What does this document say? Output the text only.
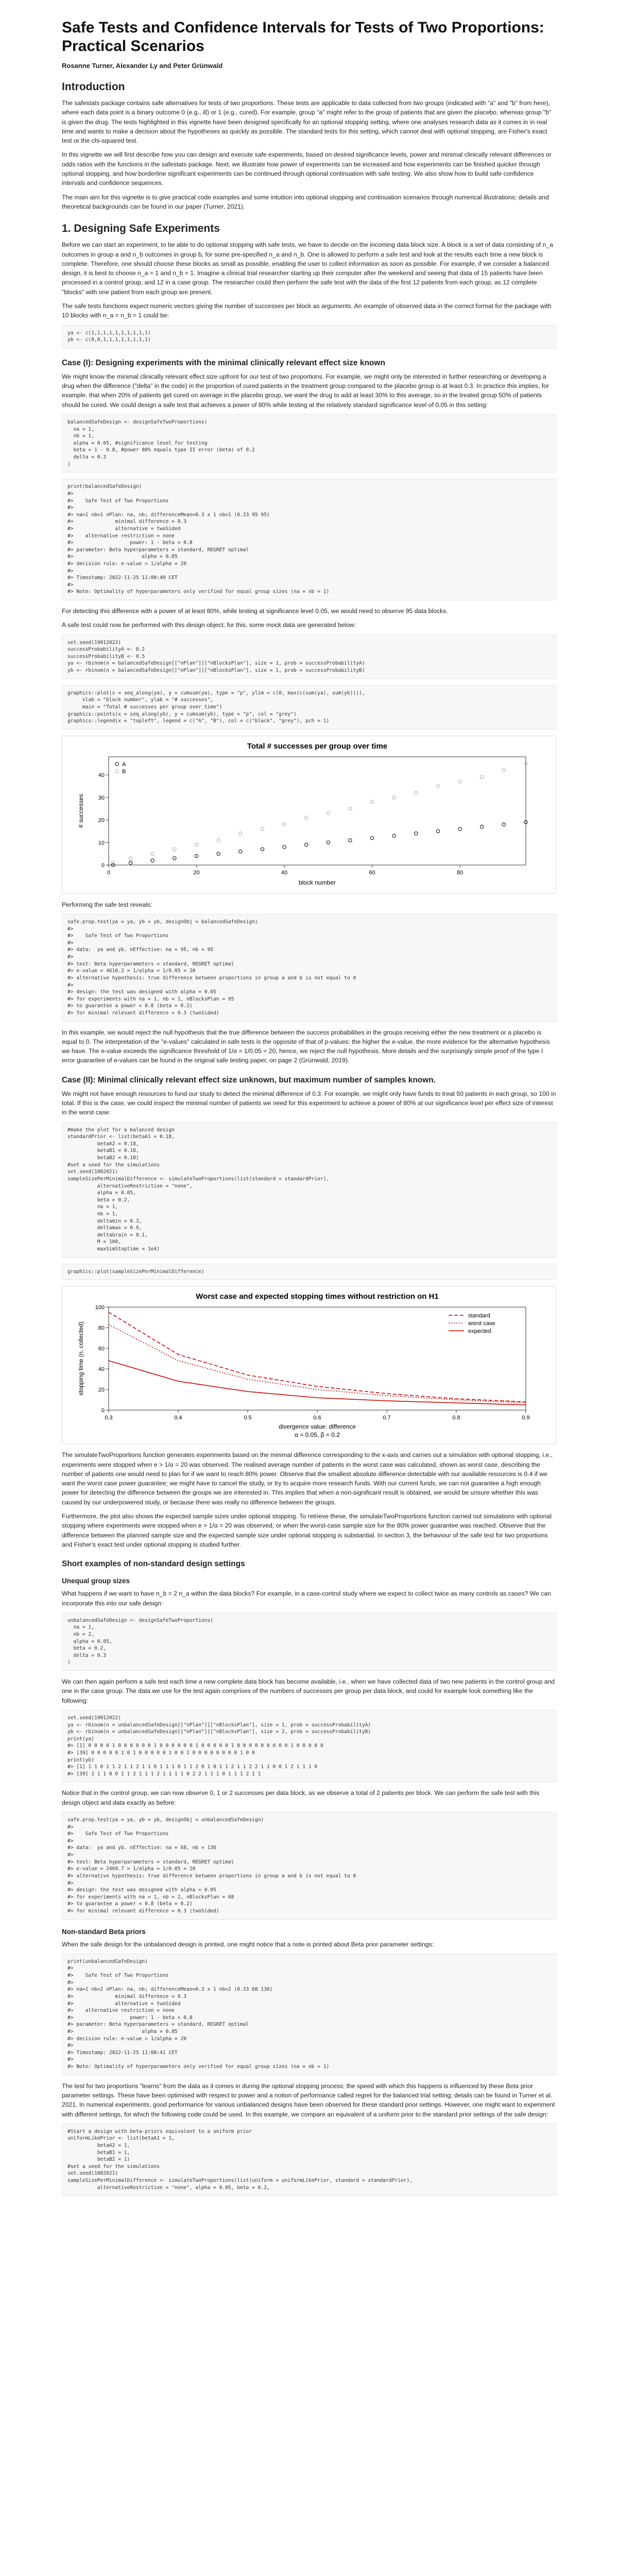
Safe Tests and Confidence Intervals for Tests of Two Proportions: Practical Scenarios
Rosanne Turner, Alexander Ly and Peter Grünwald
Introduction

The safestats package contains safe alternatives for tests of two proportions. These tests are applicable to data collected from two groups (indicated with "a" and "b" from here), where each data point is a binary outcome 0 (e.g., ill) or 1 (e.g., cured). For example, group "a" might refer to the group of patients that are given the placebo, whereas group "b" is given the drug. The tests highlighted in this vignette have been designed specifically for an optional stopping setting, where one analyses research data as it comes in in real time and wants to make a decision about the hypotheses as quickly as possible. The standard tests for this setting, which cannot deal with optional stopping, are Fisher's exact test or the chi-squared test.

In this vignette we will first describe how you can design and execute safe experiments, based on desired significance levels, power and minimal clinically relevant differences or odds ratios with the functions in the safestats package. Next, we illustrate how power of experiments can be increased and how experiments can be finished quicker through optional stopping, and how borderline significant experiments can be continued through optional continuation with safe testing. We also show how to build safe confidence intervals and confidence sequences.

The main aim for this vignette is to give practical code examples and some intuition into optional stopping and continuation scenarios through numerical illustrations; details and theoretical backgrounds can be found in our paper (Turner, 2021).

1. Designing Safe Experiments

Before we can start an experiment, to be able to do optional stopping with safe tests, we have to decide on the incoming data block size. A block is a set of data consisting of n_a outcomes in group a and n_b outcomes in group b, for some pre-specified n_a and n_b. One is allowed to perform a safe test and look at the results each time a new block is complete. Therefore, one should choose these blocks as small as possible, enabling the user to collect information as soon as possible. For example, if we consider a balanced design, it is best to choose n_a = 1 and n_b = 1. Imagine a clinical trial researcher starting up their computer after the weekend and seeing that data of 15 patients have been processed in a control group, and 12 in a case group. The researcher could then perform the safe test with the data of the first 12 patients from each group, as 12 complete "blocks" with one patient from each group are present.

The safe tests functions expect numeric vectors giving the number of successes per block as arguments. An example of observed data in the correct format for the package with 10 blocks with n_a = n_b = 1 could be:

ya <- c(1,1,1,1,1,1,1,1,1,1)
yb <- c(0,0,1,1,1,1,1,1,1,1)
Case (I): Designing experiments with the minimal clinically relevant effect size known

We might know the minimal clinically relevant effect size upfront for our test of two proportions. For example, we might only be interested in further researching or developing a drug when the difference ("delta" in the code) in the proportion of cured patients in the treatment group compared to the placebo group is at least 0.3. In practice this implies, for example, that when 20% of patients get cured on average in the placebo group, we want the drug to add at least 30% to this average, so in the treated group 50% of patients should be cured. We could design a safe test that achieves a power of 80% while testing at the relatively standard significance level of 0.05 in this setting:

balancedSafeDesign <- designSafeTwoProportions(
na = 1,
nb = 1,
alpha = 0.05, #significance level for testing
beta = 1 - 0.8, #power 80% equals type II error (beta) of 0.2
delta = 0.3
)
print(balancedSafeDesign)
#>
#>    Safe Test of Two Proportions
#>
#> na=1 nb=1 nPlan: na, nb; differenceMean=0.3 x 1 nb=1 (0.33 95 95)
#>              minimal difference = 0.3
#>              alternative = twoSided
#>    alternative restriction = none
#>                   power: 1 - beta = 0.8
#> parameter: Beta hyperparameters = standard, REGRET optimal
#>                       alpha = 0.05
#> decision rule: e-value > 1/alpha = 20
#>
#> Timestamp: 2022-11-25 11:08:40 CET
#>
#> Note: Optimality of hyperparameters only verified for equal group sizes (na = nb = 1)

For detecting this difference with a power of at least 80%, while testing at significance level 0.05, we would need to observe 95 data blocks.

A safe test could now be performed with this design object; for this, some mock data are generated below:

set.seed(19012022)
successProbabilityA <- 0.2
successProbabilityB <- 0.5
ya <- rbinom(n = balancedSafeDesign[["nPlan"]]["nBlocksPlan"], size = 1, prob = successProbabilityA)
yb <- rbinom(n = balancedSafeDesign[["nPlan"]]["nBlocksPlan"], size = 1, prob = successProbabilityB)
graphics::plot(x = seq_along(ya), y = cumsum(ya), type = "p", ylim = c(0, max(c(sum(ya), sum(yb)))),
xlab = "block number", ylab = "# successes",
main = "Total # successes per group over time")
graphics::points(x = seq_along(yb), y = cumsum(yb), type = "p", col = "grey")
graphics::legend(x = "topleft", legend = c("A", "B"), col = c("black", "grey"), pch = 1)
Total # successes per group over time
0	20	40	60	80
0
10
20
30
40
block number
# successes
A
B

Performing the safe test reveals:

safe.prop.test(ya = ya, yb = yb, designObj = balancedSafeDesign)
#>
#>    Safe Test of Two Proportions
#>
#> data:  ya and yb. nEffective: na = 95, nb = 95
#>
#> test: Beta hyperparameters = standard, REGRET optimal
#> e-value = 4610.2 > 1/alpha = 1/0.05 = 20
#> alternative hypothesis: true difference between proportions in group a and b is not equal to 0
#>
#> design: the test was designed with alpha = 0.05
#> for experiments with na = 1, nb = 1, nBlocksPlan = 95
#> to guarantee a power = 0.8 (beta = 0.2)
#> for minimal relevant difference = 0.3 (twoSided)

In this example, we would reject the null hypothesis that the true difference between the success probabilities in the groups receiving either the new treatment or a placebo is equal to 0. The interpretation of the "e-values" calculated in safe tests is the opposite of that of p-values: the higher the e-value, the more evidence for the alternative hypothesis we have. The e-value exceeds the significance threshold of 1/α = 1/0.05 = 20, hence, we reject the null hypothesis. More details and the surprisingly simple proof of the type I error guarantee of e-values can be found in the original safe testing paper, on page 2 (Grünwald, 2019).

Case (II): Minimal clinically relevant effect size unknown, but maximum number of samples known.

We might not have enough resources to fund our study to detect the minimal difference of 0.3. For example, we might only have funds to treat 50 patients in each group, so 100 in total. If this is the case, we could inspect the minimal number of patients we need for this experiment to achieve a power of 80% at our significance level per effect size of interest in the worst case:

#make the plot for a balanced design
standardPrior <- list(betaA1 = 0.18,
betaA2 = 0.18,
betaB1 = 0.18,
betaB2 = 0.18)
#set a seed for the simulations
set.seed(1082021)
sampleSizePerMinimalDifference <- simulateTwoProportions(list(standard = standardPrior),
alternativeRestriction = "none",
alpha = 0.05,
beta = 0.2,
na = 1,
nb = 1,
deltamin = 0.3,
deltamax = 0.9,
deltaGrain = 0.1,
M = 100,
maxSimStoptime = 1e4)
graphics::plot(sampleSizePerMinimalDifference)
Worst case and expected stopping times without restriction on H1
0.3	0.4	0.5	0.6	0.7	0.8	0.9
0
20
40
60
80
100
divergence value: difference
α = 0.05, β = 0.2
stopping time (n, collected)
standard
worst case
expected

The simulateTwoProportions function generates experiments based on the minimal difference corresponding to the x-axis and carries out a simulation with optional stopping, i.e., experiments were stopped when e > 1/α = 20 was observed. The realised average number of patients in the worst case was calculated, shown as worst case, describing the number of patients one would need to plan for if we want to reach 80% power. Observe that the smallest absolute difference detectable with our available resources is 0.4 if we want the worst case power guarantee; we might have to cancel the study, or try to acquire more research funds. With our current funds, we can not guarantee a high enough power for detecting the difference between the groups we are interested in. This implies that when a non-significant result is obtained, we would be unsure whether this was caused by our underpowered study, or because there was really no difference between the groups.

Furthermore, the plot also shows the expected sample sizes under optional stopping. To retrieve these, the simulateTwoProportions function carried out simulations with optional stopping where experiments were stopped when e > 1/α = 20 was observed, or when the worst-case sample size for the 80% power guarantee was reached. Observe that the difference between the planned sample size and the expected sample size under optional stopping is substantial. In section 3, the behaviour of the safe test for two proportions and Fisher's exact test under optional stopping is studied further.

Short examples of non-standard design settings
Unequal group sizes

What happens if we want to have n_b = 2 n_a within the data blocks? For example, in a case-control study where we expect to collect twice as many controls as cases? We can incorporate this into our safe design:

unbalancedSafeDesign <- designSafeTwoProportions(
na = 1,
nb = 2,
alpha = 0.05,
beta = 0.2,
delta = 0.3
)

We can then again perform a safe test each time a new complete data block has become available, i.e., when we have collected data of two new patients in the control group and one in the case group. The data we use for the test again comprises of the numbers of successes per group per data block, and could for example look something like the following:

set.seed(19012022)
ya <- rbinom(n = unbalancedSafeDesign[["nPlan"]]["nBlocksPlan"], size = 1, prob = successProbabilityA)
yb <- rbinom(n = unbalancedSafeDesign[["nPlan"]]["nBlocksPlan"], size = 2, prob = successProbabilityB)
print(ya)
#> [1] 0 0 0 0 1 0 0 0 0 0 0 1 0 0 0 0 0 0 1 0 0 0 0 0 1 0 0 0 0 0 0 0 0 0 1 0 0 0 0 0
#> [39] 0 0 0 0 0 1 0 1 0 0 0 0 0 1 0 0 1 0 0 0 0 0 0 0 0 1 0 0
print(yb)
#> [1] 1 1 0 1 1 2 1 1 2 1 1 0 1 1 1 0 1 1 2 0 1 0 1 1 2 1 1 2 2 1 1 0 0 1 2 1 1 1 0
#> [39] 1 1 1 0 0 1 1 2 1 1 1 2 1 1 1 1 0 2 2 1 1 1 0 1 1 1 2 1 1

Notice that in the control group, we can now observe 0, 1 or 2 successes per data block, as we observe a total of 2 patients per block. We can perform the safe test with this design object and data exactly as before:

safe.prop.test(ya = ya, yb = yb, designObj = unbalancedSafeDesign)
#>
#>    Safe Test of Two Proportions
#>
#> data:  ya and yb. nEffective: na = 68, nb = 136
#>
#> test: Beta hyperparameters = standard, REGRET optimal
#> e-value = 2469.7 > 1/alpha = 1/0.05 = 20
#> alternative hypothesis: true difference between proportions in group a and b is not equal to 0
#>
#> design: the test was designed with alpha = 0.05
#> for experiments with na = 1, nb = 2, nBlocksPlan = 68
#> to guarantee a power = 0.8 (beta = 0.2)
#> for minimal relevant difference = 0.3 (twoSided)
Non-standard Beta priors

When the safe design for the unbalanced design is printed, one might notice that a note is printed about Beta prior parameter settings:

print(unbalancedSafeDesign)
#>
#>    Safe Test of Two Proportions
#>
#> na=1 nb=2 nPlan: na, nb; differenceMean=0.3 x 1 nb=2 (0.33 68 136)
#>              minimal difference = 0.3
#>              alternative = twoSided
#>    alternative restriction = none
#>                   power: 1 - beta = 0.8
#> parameter: Beta hyperparameters = standard, REGRET optimal
#>                       alpha = 0.05
#> decision rule: e-value > 1/alpha = 20
#>
#> Timestamp: 2022-11-25 11:08:41 CET
#>
#> Note: Optimality of hyperparameters only verified for equal group sizes (na = nb = 1)

The test for two proportions "learns" from the data as it comes in during the optional stopping process; the speed with which this happens is influenced by these Beta prior parameter settings. These have been optimised with respect to power and a notion of performance called regret for the balanced trial setting; details can be found in Turner et al. 2021. In numerical experiments, good performance for various unbalanced designs have been observed for these standard prior settings. However, one might want to experiment with different settings, for which the following code could be used. In this example, we compare an equivalent of a uniform prior to the standard prior settings of the safe design:

#Start a design with beta-priors equivalent to a uniform prior
uniformLikePrior <- list(betaA1 = 1,
betaA2 = 1,
betaB1 = 1,
betaB2 = 1)
#set a seed for the simulations
set.seed(1082021)
sampleSizePerMinimalDifference <- simulateTwoProportions(list(uniform = uniformLikePrior, standard = standardPrior),
alternativeRestriction = "none", alpha = 0.05, beta = 0.2,
